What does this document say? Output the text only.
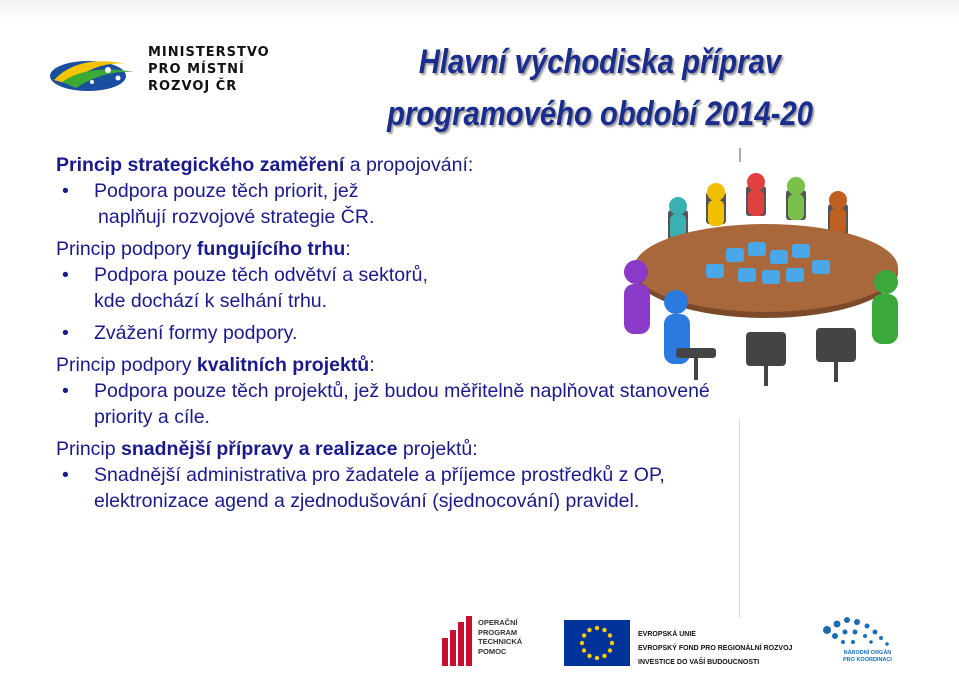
MINISTERSTVO
PRO MÍSTNÍ
ROZVOJ ČR
Hlavní východiska příprav
programového období 2014-20

Princip strategického zaměření a propojování:

• Podpora pouze těch priorit, jež
naplňují rozvojové strategie ČR.

Princip podpory fungujícího trhu:

• Podpora pouze těch odvětví a sektorů,
kde dochází k selhání trhu.

• Zvážení formy podpory.

Princip podpory kvalitních projektů:

• Podpora pouze těch projektů, jež budou měřitelně naplňovat stanovené
priority a cíle.

Princip snadnější přípravy a realizace projektů:

• Snadnější administrativa pro žadatele a příjemce prostředků z OP,
elektronizace agend a zjednodušování (sjednocování) pravidel.

OPERAČNÍ
PROGRAM
TECHNICKÁ
POMOC
EVROPSKÁ UNIE
EVROPSKÝ FOND PRO REGIONÁLNÍ ROZVOJ
INVESTICE DO VAŠÍ BUDOUCNOSTI
NÁRODNÍ ORGÁN
PRO KOORDINACI
